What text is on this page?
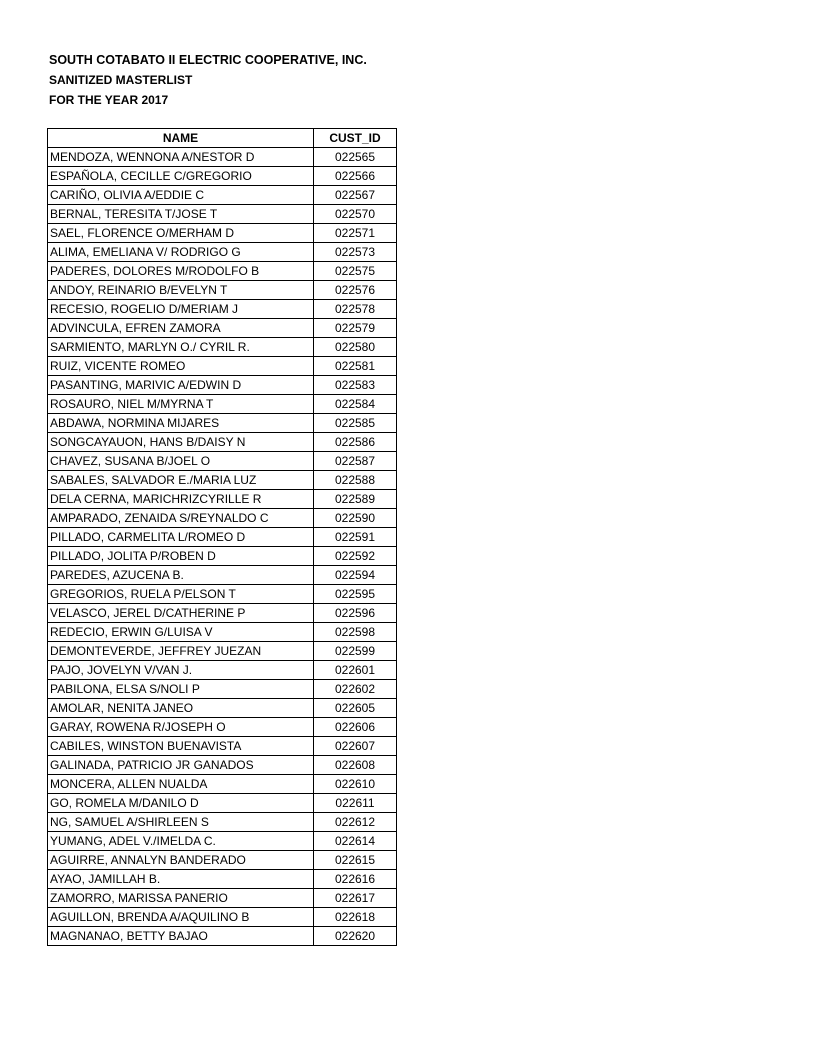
SOUTH COTABATO II ELECTRIC COOPERATIVE, INC.
SANITIZED MASTERLIST
FOR THE YEAR 2017
NAME	CUST_ID
MENDOZA, WENNONA A/NESTOR D	022565
ESPAÑOLA, CECILLE C/GREGORIO	022566
CARIÑO, OLIVIA A/EDDIE C	022567
BERNAL, TERESITA T/JOSE T	022570
SAEL, FLORENCE O/MERHAM D	022571
ALIMA, EMELIANA V/ RODRIGO G	022573
PADERES, DOLORES M/RODOLFO B	022575
ANDOY, REINARIO B/EVELYN T	022576
RECESIO, ROGELIO D/MERIAM J	022578
ADVINCULA, EFREN ZAMORA	022579
SARMIENTO, MARLYN O./ CYRIL R.	022580
RUIZ, VICENTE ROMEO	022581
PASANTING, MARIVIC A/EDWIN D	022583
ROSAURO, NIEL M/MYRNA T	022584
ABDAWA, NORMINA MIJARES	022585
SONGCAYAUON, HANS B/DAISY N	022586
CHAVEZ, SUSANA B/JOEL O	022587
SABALES, SALVADOR E./MARIA LUZ	022588
DELA CERNA, MARICHRIZCYRILLE R	022589
AMPARADO, ZENAIDA S/REYNALDO C	022590
PILLADO, CARMELITA L/ROMEO D	022591
PILLADO, JOLITA P/ROBEN D	022592
PAREDES, AZUCENA B.	022594
GREGORIOS, RUELA P/ELSON T	022595
VELASCO, JEREL D/CATHERINE P	022596
REDECIO, ERWIN G/LUISA V	022598
DEMONTEVERDE, JEFFREY JUEZAN	022599
PAJO, JOVELYN V/VAN J.	022601
PABILONA, ELSA S/NOLI P	022602
AMOLAR, NENITA JANEO	022605
GARAY, ROWENA R/JOSEPH O	022606
CABILES, WINSTON BUENAVISTA	022607
GALINADA, PATRICIO JR GANADOS	022608
MONCERA, ALLEN NUALDA	022610
GO, ROMELA M/DANILO D	022611
NG, SAMUEL A/SHIRLEEN S	022612
YUMANG, ADEL V./IMELDA C.	022614
AGUIRRE, ANNALYN BANDERADO	022615
AYAO, JAMILLAH B.	022616
ZAMORRO, MARISSA PANERIO	022617
AGUILLON, BRENDA A/AQUILINO B	022618
MAGNANAO, BETTY BAJAO	022620
